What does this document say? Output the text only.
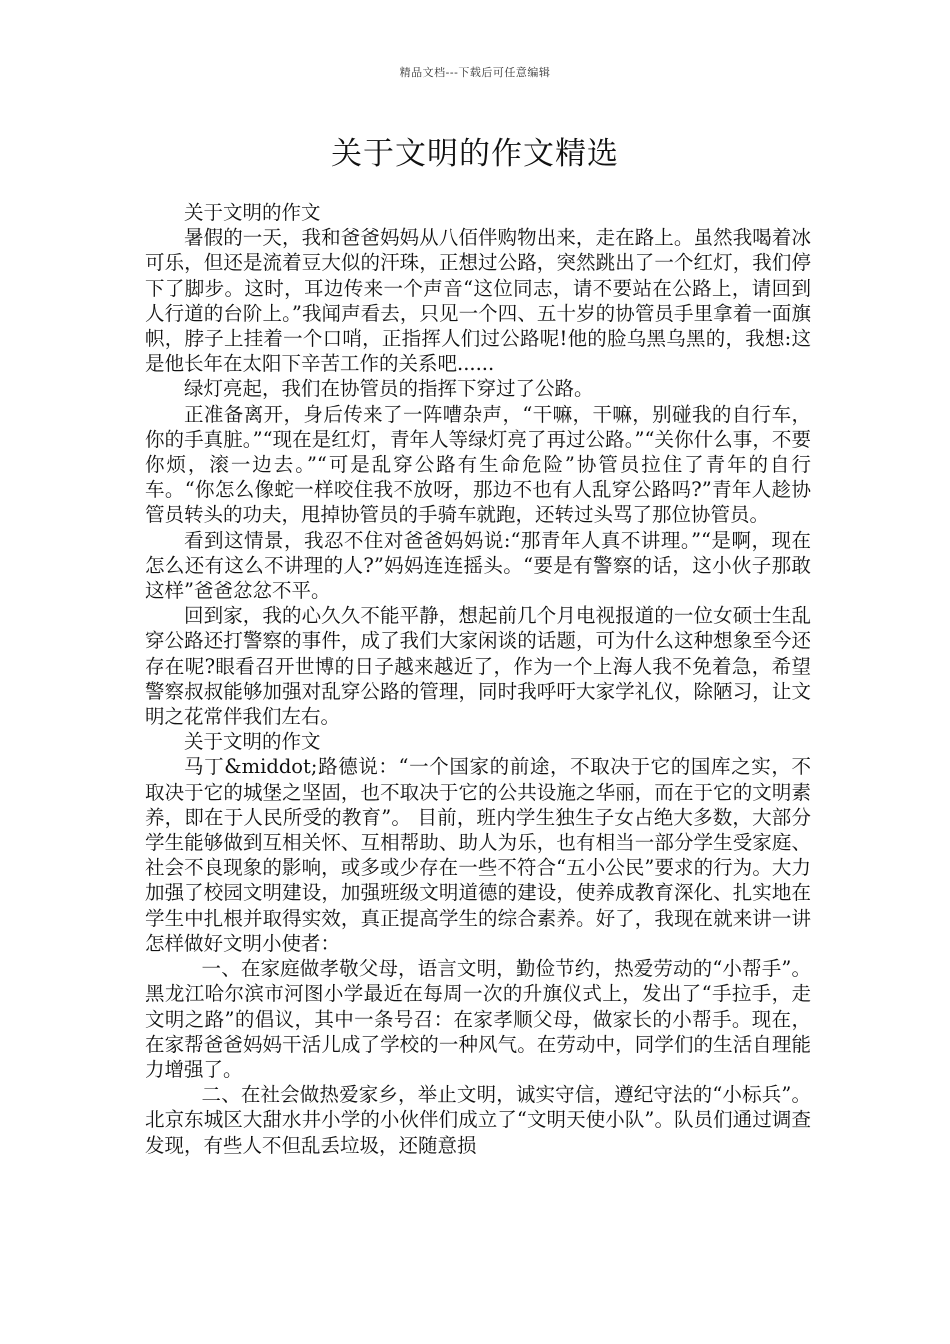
精品文档---下载后可任意编辑
关于文明的作文精选

关于文明的作文

暑假的一天，我和爸爸妈妈从八佰伴购物出来，走在路上。虽然我喝着冰可乐，但还是流着豆大似的汗珠，正想过公路，突然跳出了一个红灯，我们停下了脚步。这时，耳边传来一个声音“这位同志，请不要站在公路上，请回到人行道的台阶上。”我闻声看去，只见一个四、五十岁的协管员手里拿着一面旗帜，脖子上挂着一个口哨，正指挥人们过公路呢!他的脸乌黑乌黑的，我想:这是他长年在太阳下辛苦工作的关系吧......

绿灯亮起，我们在协管员的指挥下穿过了公路。

正准备离开，身后传来了一阵嘈杂声，“干嘛，干嘛，别碰我的自行车，你的手真脏。”“现在是红灯，青年人等绿灯亮了再过公路。”“关你什么事，不要你烦，滚一边去。”“可是乱穿公路有生命危险”协管员拉住了青年的自行车。“你怎么像蛇一样咬住我不放呀，那边不也有人乱穿公路吗?”青年人趁协管员转头的功夫，甩掉协管员的手骑车就跑，还转过头骂了那位协管员。

看到这情景，我忍不住对爸爸妈妈说:“那青年人真不讲理。”“是啊，现在怎么还有这么不讲理的人?”妈妈连连摇头。“要是有警察的话，这小伙子那敢这样”爸爸忿忿不平。

回到家，我的心久久不能平静，想起前几个月电视报道的一位女硕士生乱穿公路还打警察的事件，成了我们大家闲谈的话题，可为什么这种想象至今还存在呢?眼看召开世博的日子越来越近了，作为一个上海人我不免着急，希望警察叔叔能够加强对乱穿公路的管理，同时我呼吁大家学礼仪，除陋习，让文明之花常伴我们左右。

关于文明的作文

马丁&middot;路德说：“一个国家的前途，不取决于它的国库之实，不取决于它的城堡之坚固，也不取决于它的公共设施之华丽，而在于它的文明素养，即在于人民所受的教育”。 目前，班内学生独生子女占绝大多数，大部分学生能够做到互相关怀、互相帮助、助人为乐，也有相当一部分学生受家庭、社会不良现象的影响，或多或少存在一些不符合“五小公民”要求的行为。大力加强了校园文明建设，加强班级文明道德的建设，使养成教育深化、扎实地在学生中扎根并取得实效，真正提高学生的综合素养。好了，我现在就来讲一讲怎样做好文明小使者：

一、在家庭做孝敬父母，语言文明，勤俭节约，热爱劳动的“小帮手”。黑龙江哈尔滨市河图小学最近在每周一次的升旗仪式上，发出了“手拉手，走文明之路”的倡议，其中一条号召：在家孝顺父母，做家长的小帮手。现在，在家帮爸爸妈妈干活儿成了学校的一种风气。在劳动中，同学们的生活自理能力增强了。

二、在社会做热爱家乡，举止文明，诚实守信，遵纪守法的“小标兵”。北京东城区大甜水井小学的小伙伴们成立了“文明天使小队”。队员们通过调查发现，有些人不但乱丢垃圾，还随意损
